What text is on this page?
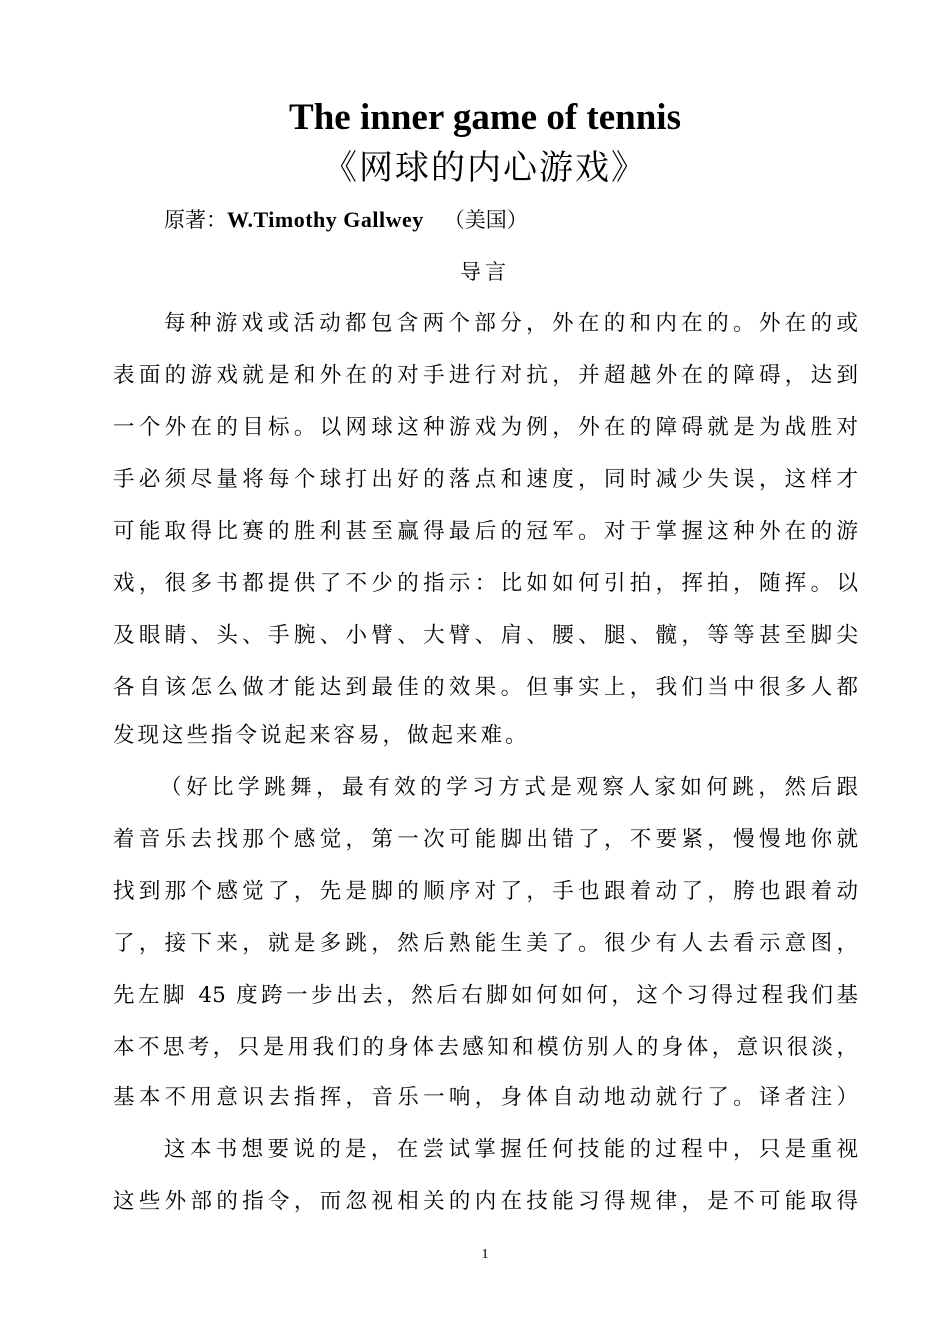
The inner game of tennis
《网球的内心游戏》
原著：W.Timothy Gallwey （美国）
导言
每种游戏或活动都包含两个部分，外在的和内在的。外在的或
表面的游戏就是和外在的对手进行对抗，并超越外在的障碍，达到
一个外在的目标。以网球这种游戏为例，外在的障碍就是为战胜对
手必须尽量将每个球打出好的落点和速度，同时减少失误，这样才
可能取得比赛的胜利甚至赢得最后的冠军。对于掌握这种外在的游
戏，很多书都提供了不少的指示：比如如何引拍，挥拍，随挥。以
及眼睛、头、手腕、小臂、大臂、肩、腰、腿、髋，等等甚至脚尖
各自该怎么做才能达到最佳的效果。但事实上，我们当中很多人都
发现这些指令说起来容易，做起来难。
（好比学跳舞，最有效的学习方式是观察人家如何跳，然后跟
着音乐去找那个感觉，第一次可能脚出错了，不要紧，慢慢地你就
找到那个感觉了，先是脚的顺序对了，手也跟着动了，胯也跟着动
了，接下来，就是多跳，然后熟能生美了。很少有人去看示意图，
先左脚 45 度跨一步出去，然后右脚如何如何，这个习得过程我们基
本不思考，只是用我们的身体去感知和模仿别人的身体，意识很淡，
基本不用意识去指挥，音乐一响，身体自动地动就行了。译者注）
这本书想要说的是，在尝试掌握任何技能的过程中，只是重视
这些外部的指令，而忽视相关的内在技能习得规律，是不可能取得
1
